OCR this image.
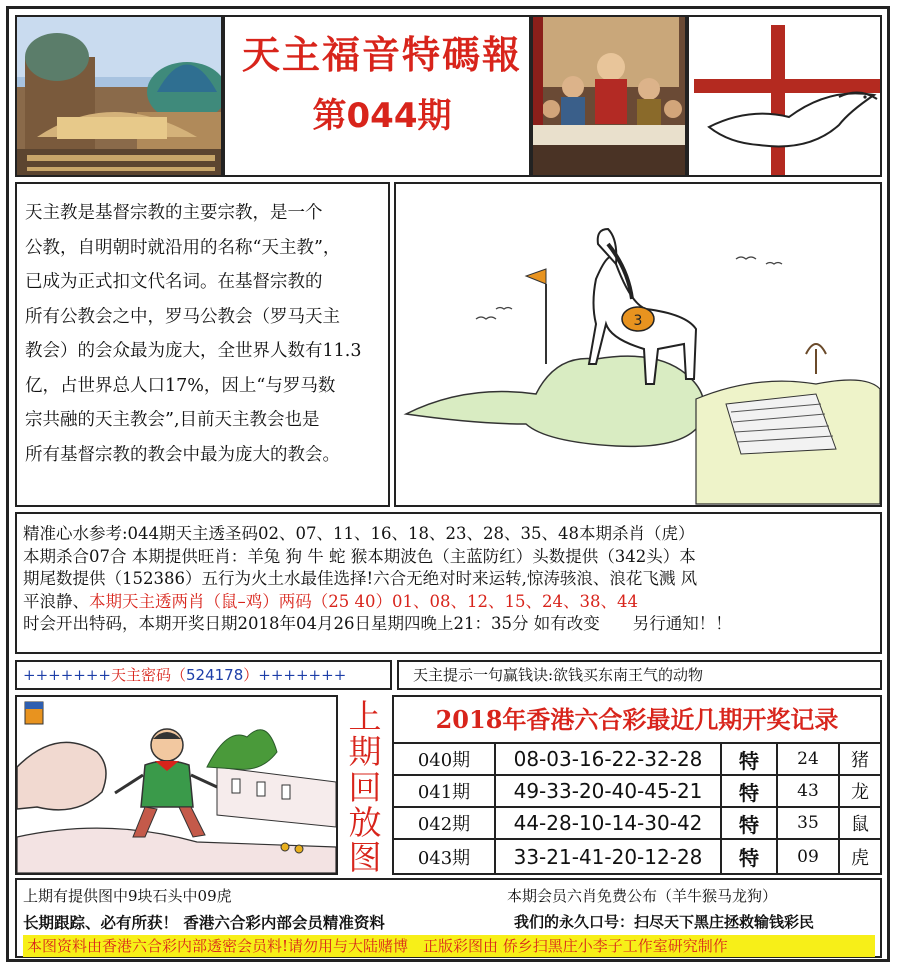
天主福音特碼報
第044期

天主教是基督宗教的主要宗教，是一个

公教，自明朝时就沿用的名称“天主教”，

已成为正式扣文代名词。在基督宗教的

所有公教会之中，罗马公教会（罗马天主

教会）的会众最为庞大，全世界人数有11.3

亿，占世界总人口17%，因上“与罗马数

宗共融的天主教会”,目前天主教会也是

所有基督宗教的教会中最为庞大的教会。

3

精准心水参考:044期天主透圣码02、07、11、16、18、23、28、35、48本期杀肖（虎）

本期杀合07合 本期提供旺肖：羊兔 狗 牛 蛇 猴本期波色（主蓝防红）头数提供（342头）本

期尾数提供（152386）五行为火土水最佳选择!六合无绝对时来运转,惊涛骇浪、浪花飞溅 风

平浪静、本期天主透两肖（鼠–鸡）两码（25 40）01、08、12、15、24、38、44

时会开出特码，本期开奖日期2018年04月26日星期四晚上21：35分 如有改变　　另行通知！！

+++++++天主密码（524178）+++++++	天主提示一句赢钱诀:欲钱买东南王气的动物
上
期
回
放
图
2018年香港六合彩最近几期开奖记录
040期	08-03-16-22-32-28	特	24	猪
041期	49-33-20-40-45-21	特	43	龙
042期	44-28-10-14-30-42	特	35	鼠
043期	33-21-41-20-12-28	特	09	虎

上期有提供图中9块石头中09虎	本期会员六肖免费公布（羊牛猴马龙狗）

长期跟踪、必有所获！ 香港六合彩内部会员精准资料	我们的永久口号：扫尽天下黑庄拯救输钱彩民

本图资料由香港六合彩内部透密会员料!请勿用与大陆赌博　正版彩图由 侨乡扫黑庄小李子工作室研究制作
